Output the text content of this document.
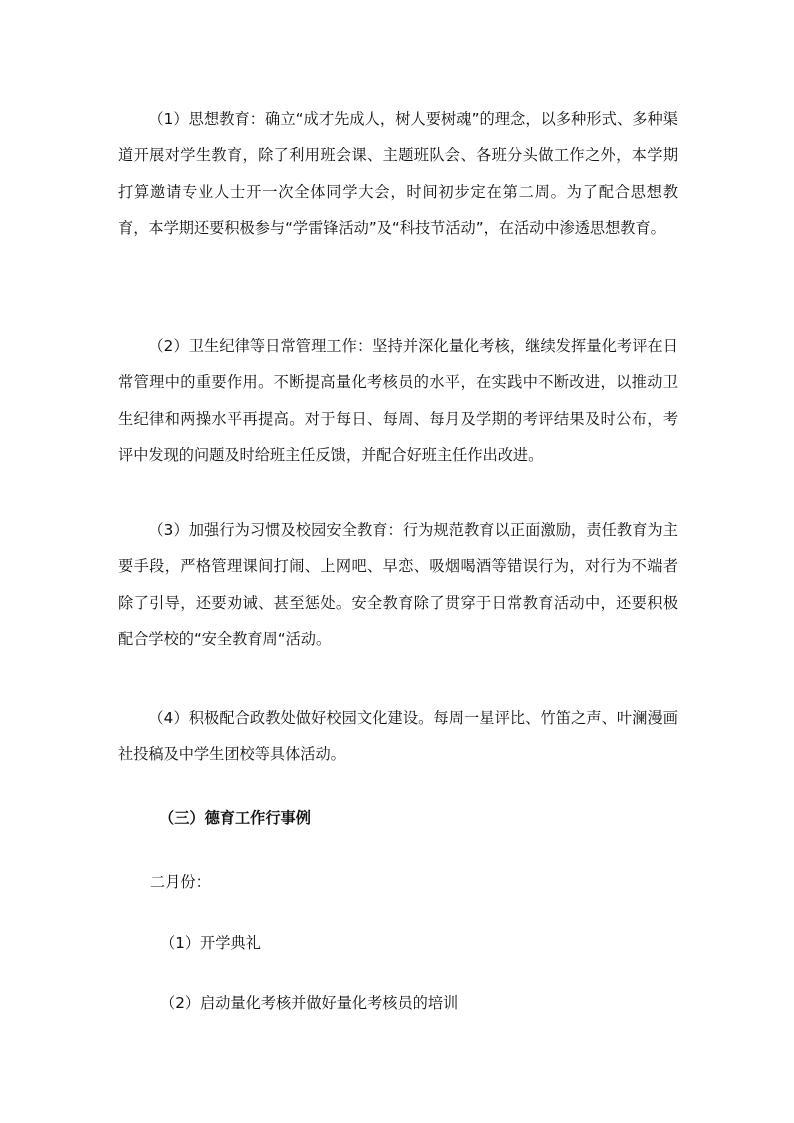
（1）思想教育：确立“成才先成人，树人要树魂”的理念，以多种形式、多种渠道开展对学生教育，除了利用班会课、主题班队会、各班分头做工作之外，本学期打算邀请专业人士开一次全体同学大会，时间初步定在第二周。为了配合思想教育，本学期还要积极参与“学雷锋活动”及“科技节活动”，在活动中渗透思想教育。

（2）卫生纪律等日常管理工作：坚持并深化量化考核，继续发挥量化考评在日常管理中的重要作用。不断提高量化考核员的水平，在实践中不断改进，以推动卫生纪律和两操水平再提高。对于每日、每周、每月及学期的考评结果及时公布，考评中发现的问题及时给班主任反馈，并配合好班主任作出改进。

（3）加强行为习惯及校园安全教育：行为规范教育以正面激励，责任教育为主要手段，严格管理课间打闹、上网吧、早恋、吸烟喝酒等错误行为，对行为不端者除了引导，还要劝诫、甚至惩处。安全教育除了贯穿于日常教育活动中，还要积极配合学校的“安全教育周“活动。

（4）积极配合政教处做好校园文化建设。每周一星评比、竹笛之声、叶澜漫画社投稿及中学生团校等具体活动。

（三）德育工作行事例

二月份：

（1）开学典礼

（2）启动量化考核并做好量化考核员的培训
